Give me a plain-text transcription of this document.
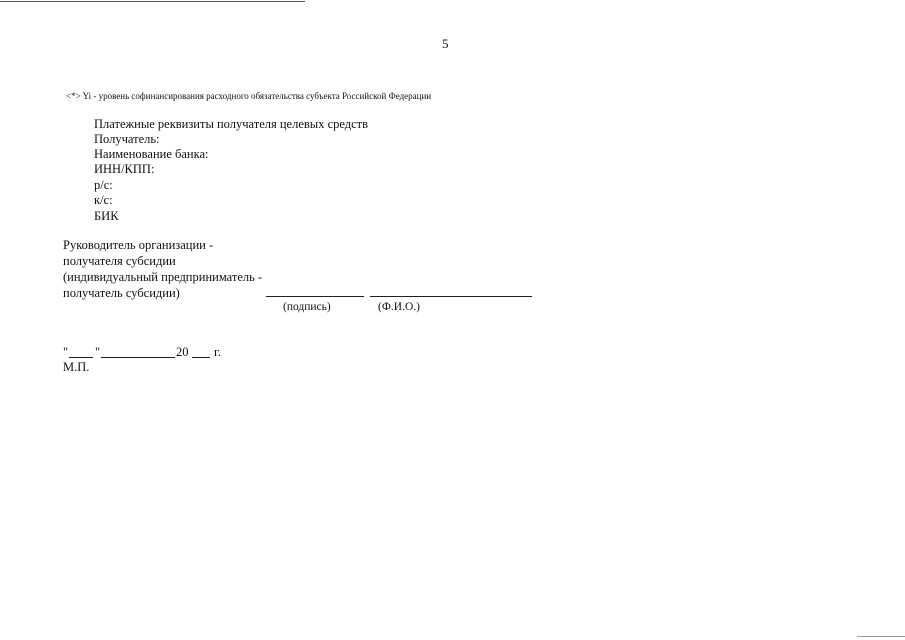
5
<*> Yi - уровень софинансирования расходного обязательства субъекта Российской Федерации
Платежные реквизиты получателя целевых средств
Получатель:
Наименование банка:
ИНН/КПП:
р/с:
к/с:
БИК
Руководитель организации -
получателя субсидии
(индивидуальный предприниматель -
получатель субсидии)
(подпись)	(Ф.И.О.)
" "	20 г.
М.П.
